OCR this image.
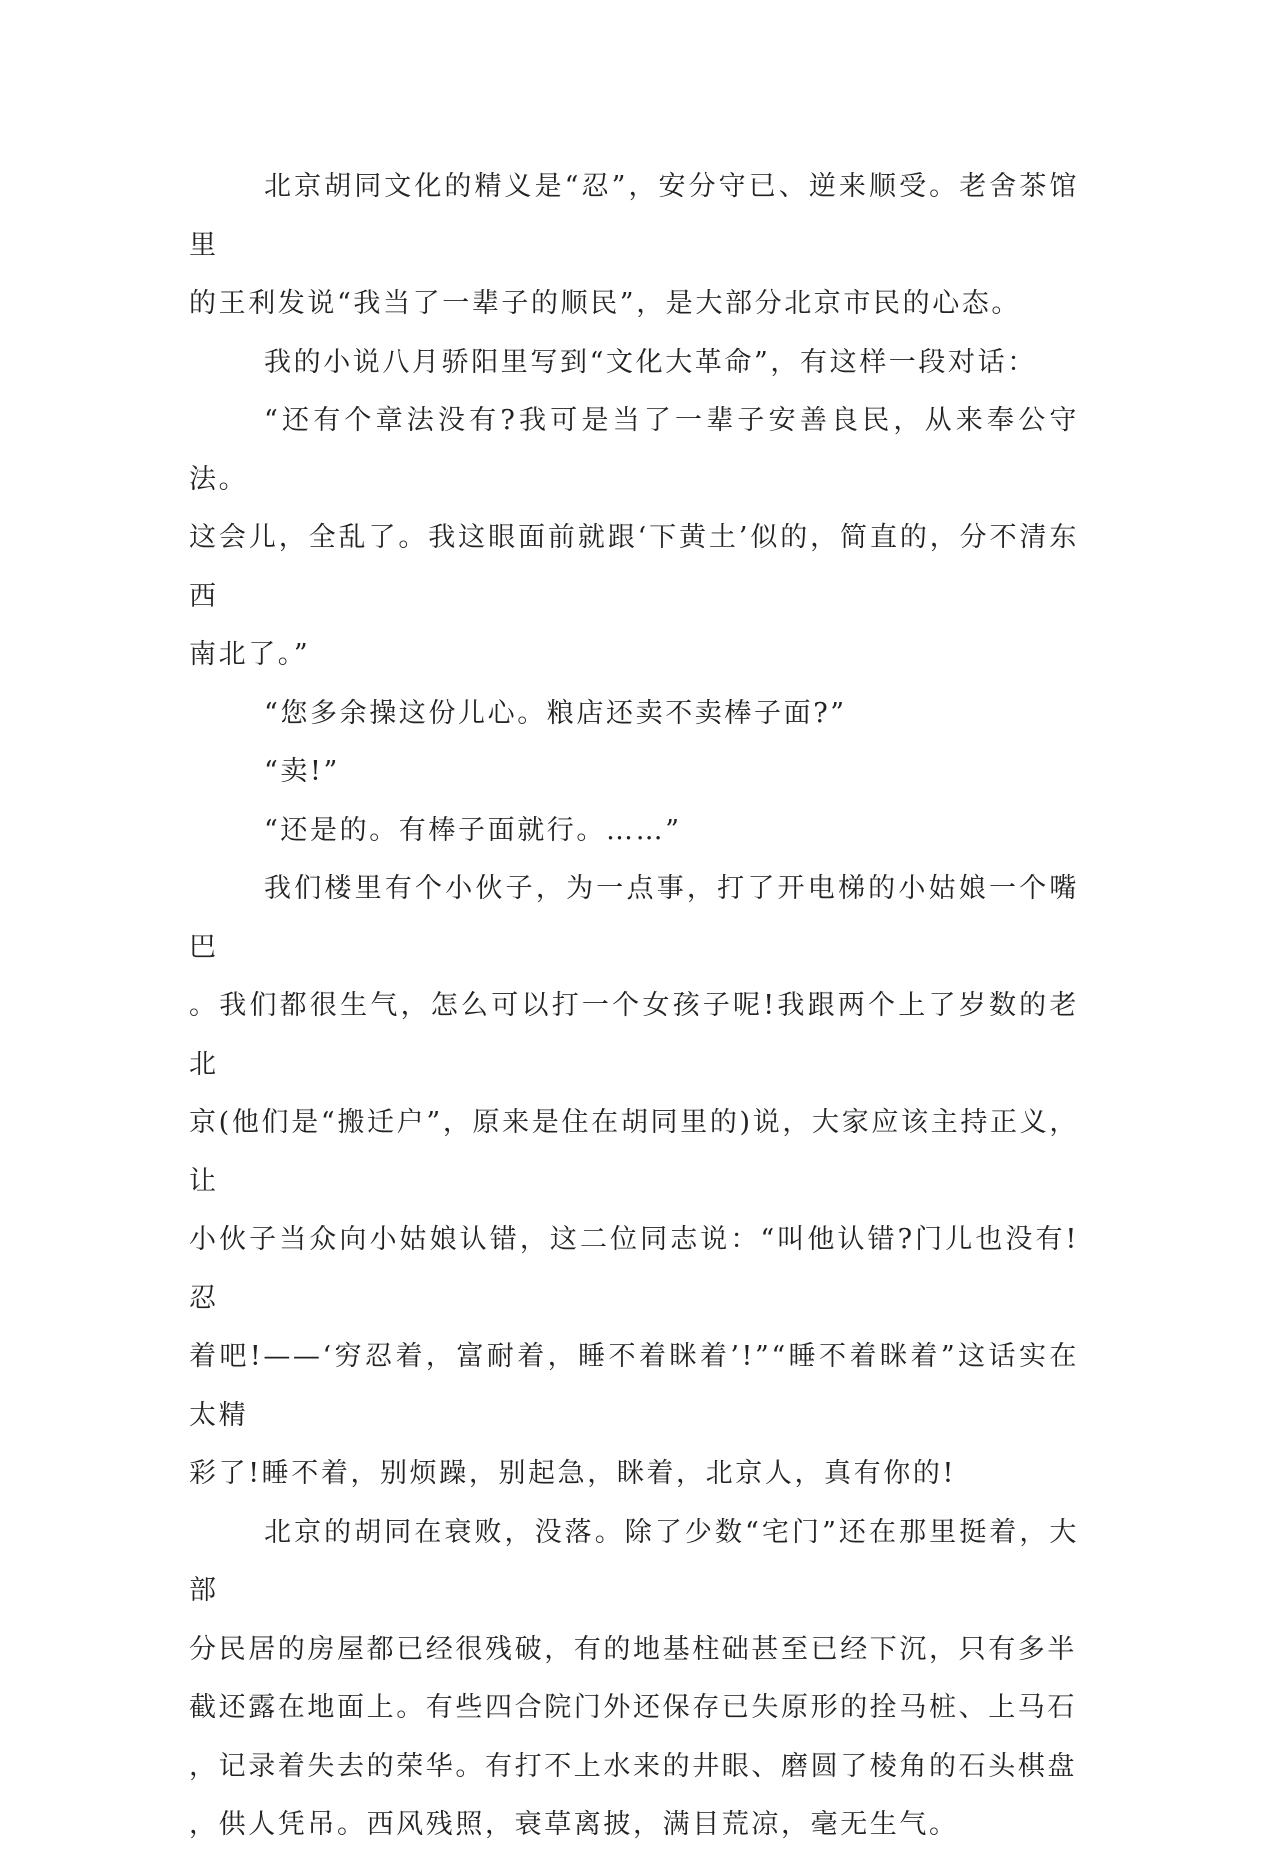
北京胡同文化的精义是“忍”，安分守已、逆来顺受。老舍茶馆里

的王利发说“我当了一辈子的顺民”，是大部分北京市民的心态。

我的小说八月骄阳里写到“文化大革命”，有这样一段对话：

“还有个章法没有?我可是当了一辈子安善良民，从来奉公守法。

这会儿，全乱了。我这眼面前就跟‘下黄土’似的，简直的，分不清东西

南北了。”

“您多余操这份儿心。粮店还卖不卖棒子面?”

“卖!”

“还是的。有棒子面就行。……”

我们楼里有个小伙子，为一点事，打了开电梯的小姑娘一个嘴巴

。我们都很生气，怎么可以打一个女孩子呢!我跟两个上了岁数的老北

京(他们是“搬迁户”，原来是住在胡同里的)说，大家应该主持正义，让

小伙子当众向小姑娘认错，这二位同志说：“叫他认错?门儿也没有!忍

着吧!——‘穷忍着，富耐着，睡不着眯着’!”“睡不着眯着”这话实在太精

彩了!睡不着，别烦躁，别起急，眯着，北京人，真有你的!

北京的胡同在衰败，没落。除了少数“宅门”还在那里挺着，大部

分民居的房屋都已经很残破，有的地基柱础甚至已经下沉，只有多半

截还露在地面上。有些四合院门外还保存已失原形的拴马桩、上马石

，记录着失去的荣华。有打不上水来的井眼、磨圆了棱角的石头棋盘

，供人凭吊。西风残照，衰草离披，满目荒凉，毫无生气。
